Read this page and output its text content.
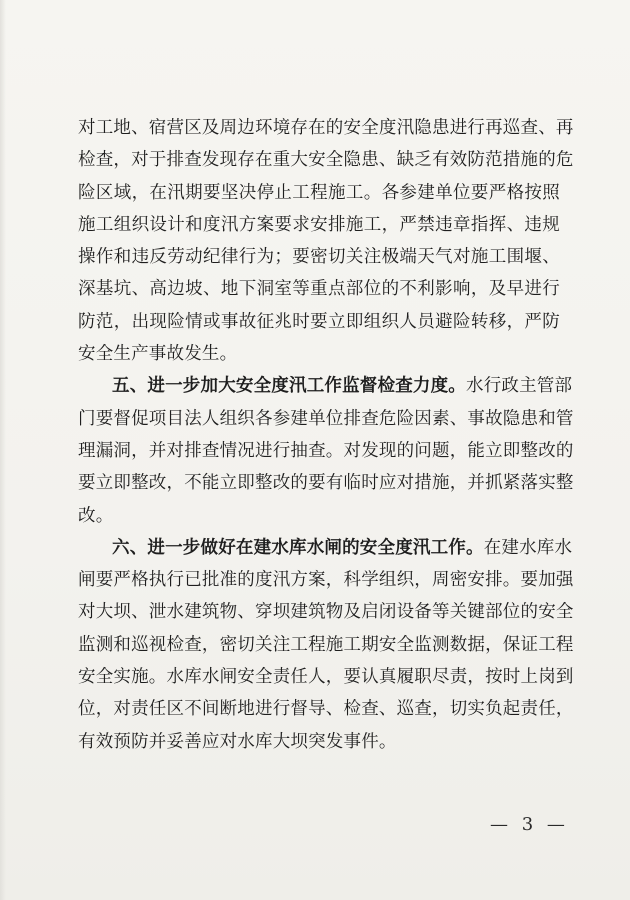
对工地、宿营区及周边环境存在的安全度汛隐患进行再巡查、再
检查，对于排查发现存在重大安全隐患、缺乏有效防范措施的危
险区域，在汛期要坚决停止工程施工。各参建单位要严格按照
施工组织设计和度汛方案要求安排施工，严禁违章指挥、违规
操作和违反劳动纪律行为；要密切关注极端天气对施工围堰、
深基坑、高边坡、地下洞室等重点部位的不利影响，及早进行
防范，出现险情或事故征兆时要立即组织人员避险转移，严防
安全生产事故发生。
五、进一步加大安全度汛工作监督检查力度。水行政主管部
门要督促项目法人组织各参建单位排查危险因素、事故隐患和管
理漏洞，并对排查情况进行抽查。对发现的问题，能立即整改的
要立即整改，不能立即整改的要有临时应对措施，并抓紧落实整
改。
六、进一步做好在建水库水闸的安全度汛工作。在建水库水
闸要严格执行已批准的度汛方案，科学组织，周密安排。要加强
对大坝、泄水建筑物、穿坝建筑物及启闭设备等关键部位的安全
监测和巡视检查，密切关注工程施工期安全监测数据，保证工程
安全实施。水库水闸安全责任人，要认真履职尽责，按时上岗到
位，对责任区不间断地进行督导、检查、巡查，切实负起责任，
有效预防并妥善应对水库大坝突发事件。
— 3 —
